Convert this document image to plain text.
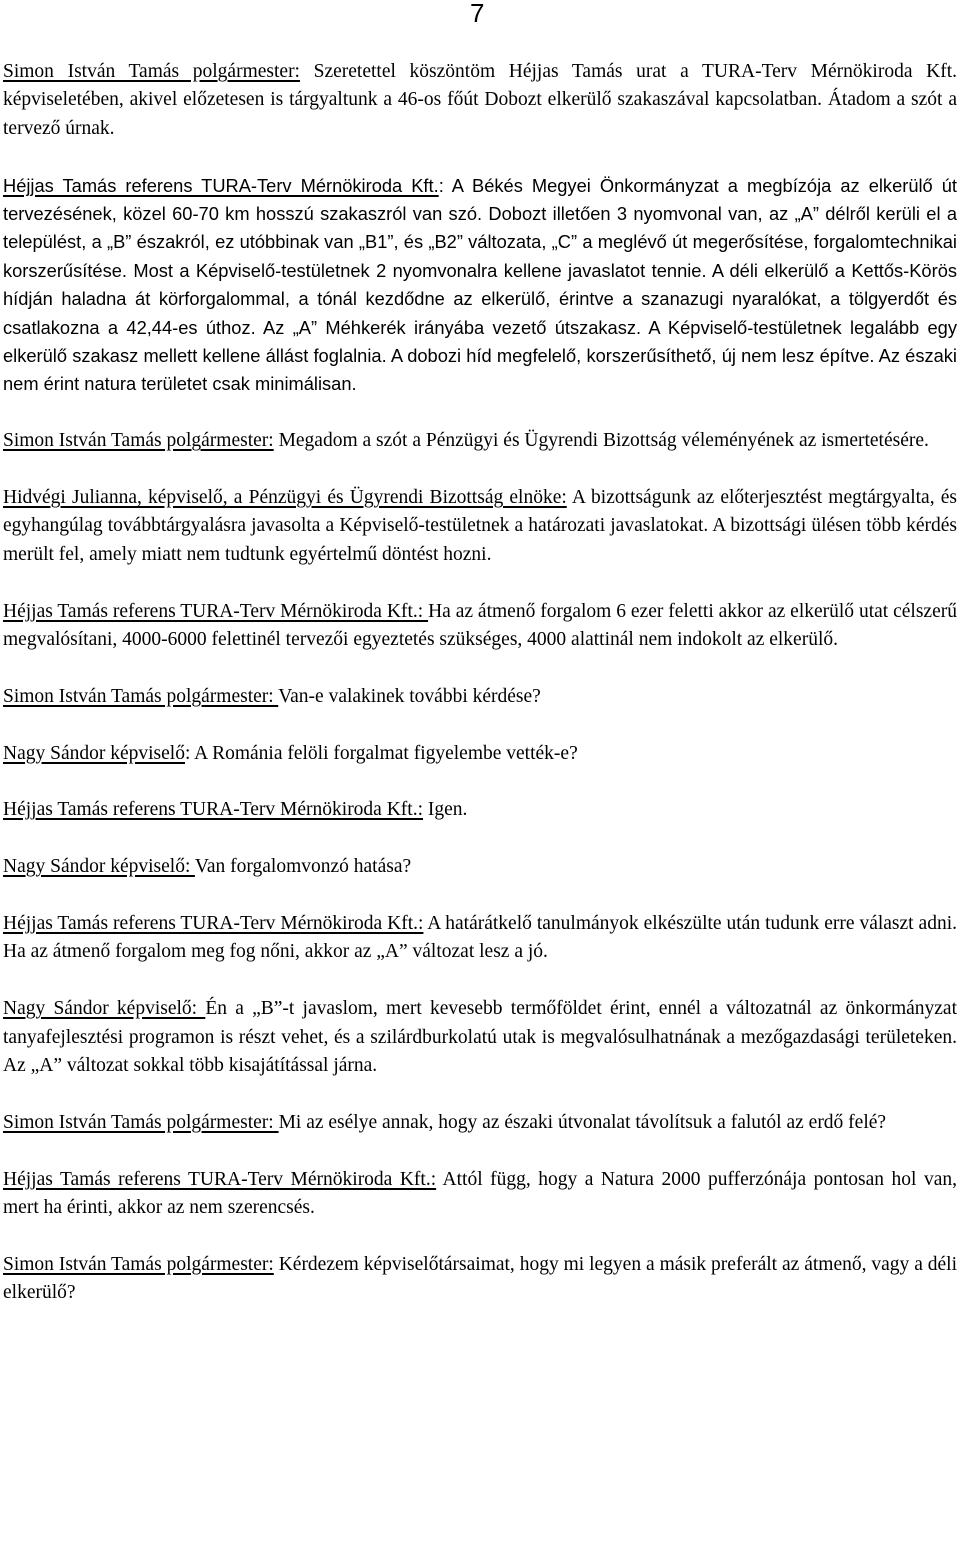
7

Simon István Tamás polgármester: Szeretettel köszöntöm Héjjas Tamás urat a TURA-Terv Mérnökiroda Kft. képviseletében, akivel előzetesen is tárgyaltunk a 46-os főút Dobozt elkerülő szakaszával kapcsolatban. Átadom a szót a tervező úrnak.

Héjjas Tamás referens TURA-Terv Mérnökiroda Kft.: A Békés Megyei Önkormányzat a megbízója az elkerülő út tervezésének, közel 60-70 km hosszú szakaszról van szó. Dobozt illetően 3 nyomvonal van, az „A” délről kerüli el a települést, a „B” északról, ez utóbbinak van „B1”, és „B2” változata, „C” a meglévő út megerősítése, forgalomtechnikai korszerűsítése. Most a Képviselő-testületnek 2 nyomvonalra kellene javaslatot tennie. A déli elkerülő a Kettős-Körös hídján haladna át körforgalommal, a tónál kezdődne az elkerülő, érintve a szanazugi nyaralókat, a tölgyerdőt és csatlakozna a 42,44-es úthoz. Az „A” Méhkerék irányába vezető útszakasz. A Képviselő-testületnek legalább egy elkerülő szakasz mellett kellene állást foglalnia. A dobozi híd megfelelő, korszerűsíthető, új nem lesz építve. Az északi nem érint natura területet csak minimálisan.

Simon István Tamás polgármester: Megadom a szót a Pénzügyi és Ügyrendi Bizottság véleményének az ismertetésére.

Hidvégi Julianna, képviselő, a Pénzügyi és Ügyrendi Bizottság elnöke: A bizottságunk az előterjesztést megtárgyalta, és egyhangúlag továbbtárgyalásra javasolta a Képviselő-testületnek a határozati javaslatokat. A bizottsági ülésen több kérdés merült fel, amely miatt nem tudtunk egyértelmű döntést hozni.

Héjjas Tamás referens TURA-Terv Mérnökiroda Kft.: Ha az átmenő forgalom 6 ezer feletti akkor az elkerülő utat célszerű megvalósítani, 4000-6000 felettinél tervezői egyeztetés szükséges, 4000 alattinál nem indokolt az elkerülő.

Simon István Tamás polgármester: Van-e valakinek további kérdése?

Nagy Sándor képviselő: A Románia felöli forgalmat figyelembe vették-e?

Héjjas Tamás referens TURA-Terv Mérnökiroda Kft.: Igen.

Nagy Sándor képviselő: Van forgalomvonzó hatása?

Héjjas Tamás referens TURA-Terv Mérnökiroda Kft.: A határátkelő tanulmányok elkészülte után tudunk erre választ adni. Ha az átmenő forgalom meg fog nőni, akkor az „A” változat lesz a jó.

Nagy Sándor képviselő: Én a „B”-t javaslom, mert kevesebb termőföldet érint, ennél a változatnál az önkormányzat tanyafejlesztési programon is részt vehet, és a szilárdburkolatú utak is megvalósulhatnának a mezőgazdasági területeken. Az „A” változat sokkal több kisajátítással járna.

Simon István Tamás polgármester: Mi az esélye annak, hogy az északi útvonalat távolítsuk a falutól az erdő felé?

Héjjas Tamás referens TURA-Terv Mérnökiroda Kft.: Attól függ, hogy a Natura 2000 pufferzónája pontosan hol van, mert ha érinti, akkor az nem szerencsés.

Simon István Tamás polgármester: Kérdezem képviselőtársaimat, hogy mi legyen a másik preferált az átmenő, vagy a déli elkerülő?
